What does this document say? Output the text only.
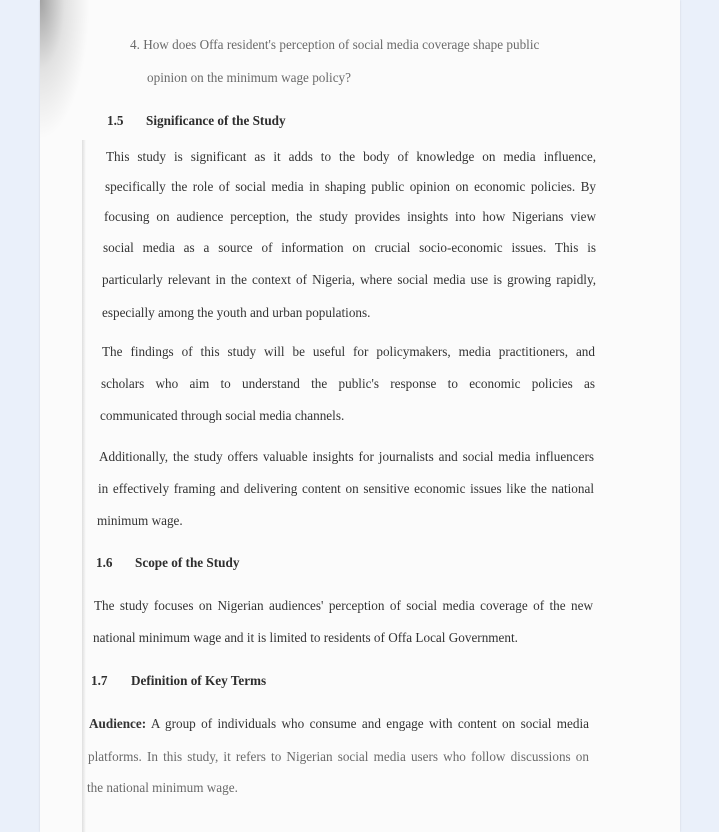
4. How does Offa resident's perception of social media coverage shape public

opinion on the minimum wage policy?

1.5 Significance of the Study

This study is significant as it adds to the body of knowledge on media influence,

specifically the role of social media in shaping public opinion on economic policies. By

focusing on audience perception, the study provides insights into how Nigerians view

social media as a source of information on crucial socio-economic issues. This is

particularly relevant in the context of Nigeria, where social media use is growing rapidly,

especially among the youth and urban populations.

The findings of this study will be useful for policymakers, media practitioners, and

scholars who aim to understand the public's response to economic policies as

communicated through social media channels.

Additionally, the study offers valuable insights for journalists and social media influencers

in effectively framing and delivering content on sensitive economic issues like the national

minimum wage.

1.6 Scope of the Study

The study focuses on Nigerian audiences' perception of social media coverage of the new

national minimum wage and it is limited to residents of Offa Local Government.

1.7 Definition of Key Terms

Audience: A group of individuals who consume and engage with content on social media

platforms. In this study, it refers to Nigerian social media users who follow discussions on

the national minimum wage.
